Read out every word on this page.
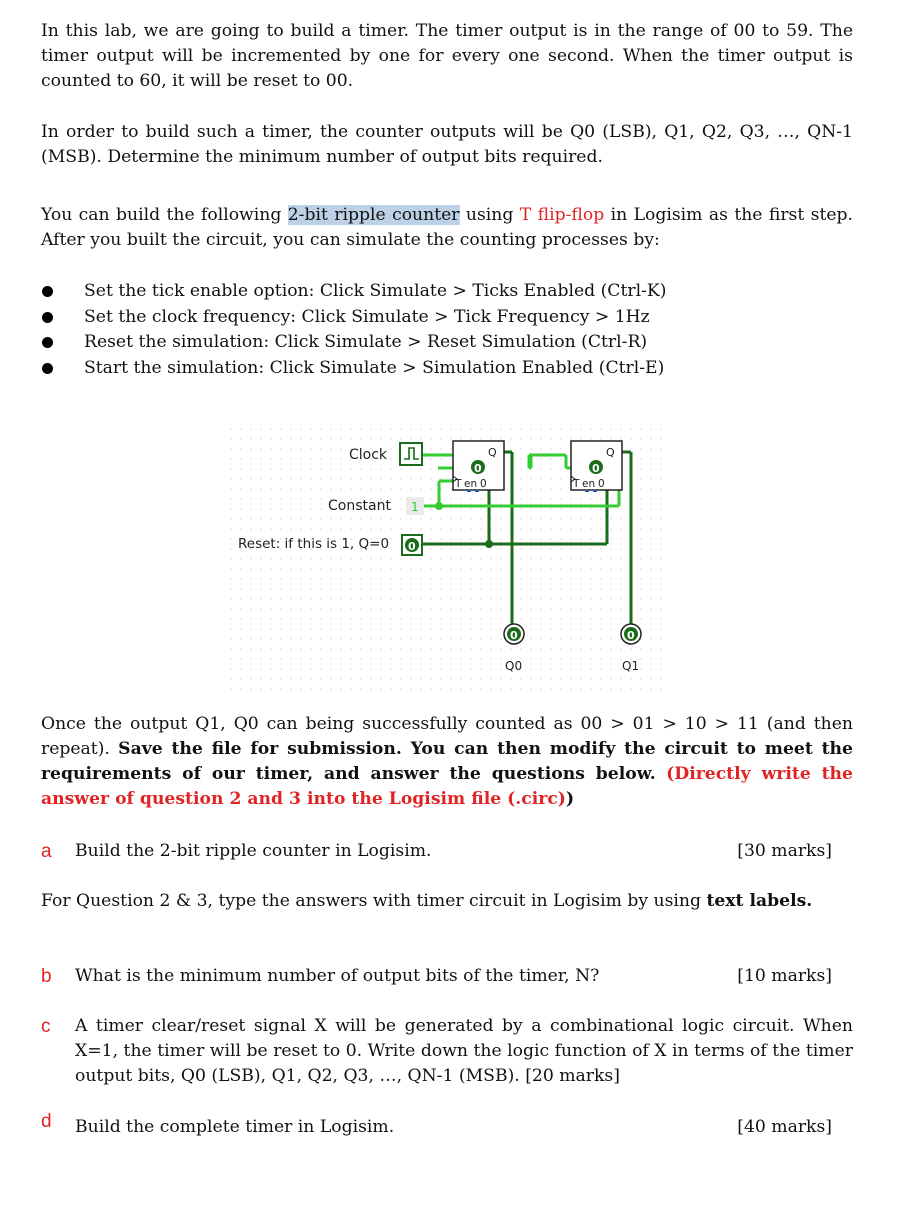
In this lab, we are going to build a timer. The timer output is in the range of 00 to 59. The timer output will be incremented by one for every one second. When the timer output is counted to 60, it will be reset to 00.

In order to build such a timer, the counter outputs will be Q0 (LSB), Q1, Q2, Q3, …, QN-1 (MSB). Determine the minimum number of output bits required.

You can build the following 2-bit ripple counter using T flip-flop in Logisim as the first step. After you built the circuit, you can simulate the counting processes by:

Set the tick enable option: Click Simulate > Ticks Enabled (Ctrl-K)
Set the clock frequency: Click Simulate > Tick Frequency > 1Hz
Reset the simulation: Click Simulate > Reset Simulation (Ctrl-R)
Start the simulation: Click Simulate > Simulation Enabled (Ctrl-E)
Clock
Constant 1
Reset: if this is 1, Q=0 0
Q
0
T en 0
Q
0
T en 0
0
Q0
0
Q1

Once the output Q1, Q0 can being successfully counted as 00 > 01 > 10 > 11 (and then repeat). Save the file for submission. You can then modify the circuit to meet the requirements of our timer, and answer the questions below. (Directly write the answer of question 2 and 3 into the Logisim file (.circ))

a Build the 2-bit ripple counter in Logisim.	[30 marks]

For Question 2 & 3, type the answers with timer circuit in Logisim by using text labels.

b What is the minimum number of output bits of the timer, N?	[10 marks]
c A timer clear/reset signal X will be generated by a combinational logic circuit. When X=1, the timer will be reset to 0. Write down the logic function of X in terms of the timer output bits, Q0 (LSB), Q1, Q2, Q3, …, QN-1 (MSB). [20 marks]
d Build the complete timer in Logisim.	[40 marks]
